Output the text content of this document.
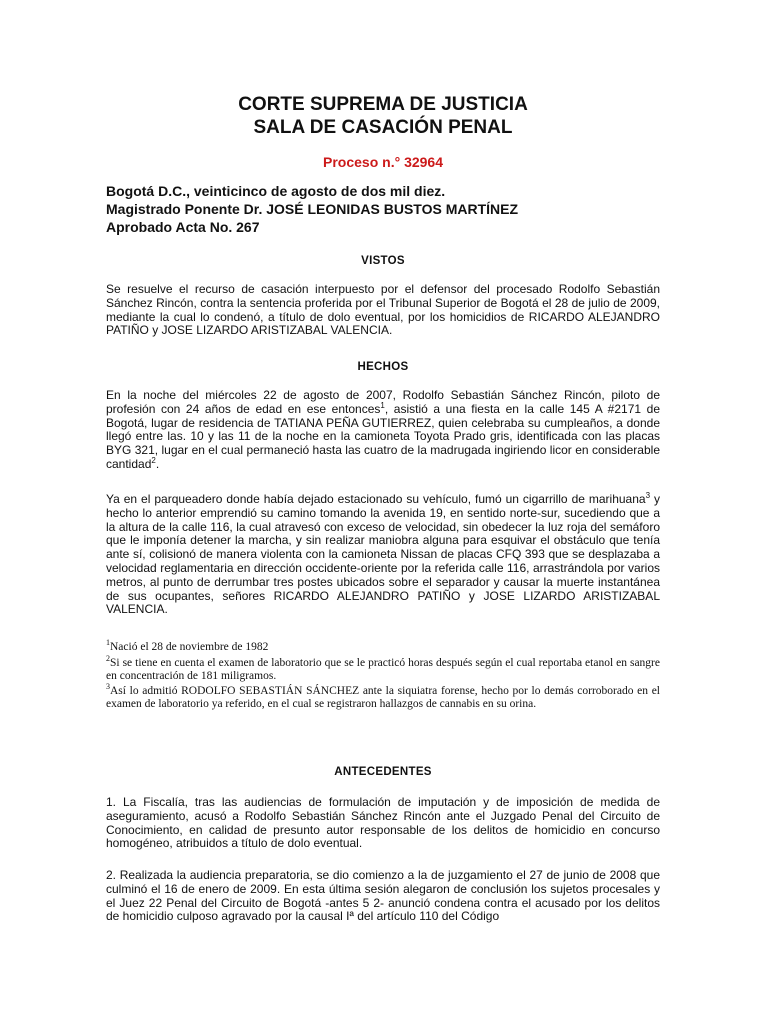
CORTE SUPREMA DE JUSTICIA
SALA DE CASACIÓN PENAL
Proceso n.° 32964
Bogotá D.C., veinticinco de agosto de dos mil diez.
Magistrado Ponente Dr. JOSÉ LEONIDAS BUSTOS MARTÍNEZ
Aprobado Acta No. 267
VISTOS
Se resuelve el recurso de casación interpuesto por el defensor del procesado Rodolfo Sebastián Sánchez Rincón, contra la sentencia proferida por el Tribunal Superior de Bogotá el 28 de julio de 2009, mediante la cual lo condenó, a título de dolo eventual, por los homicidios de RICARDO ALEJANDRO PATIÑO y JOSE LIZARDO ARISTIZABAL VALENCIA.
HECHOS
En la noche del miércoles 22 de agosto de 2007, Rodolfo Sebastián Sánchez Rincón, piloto de profesión con 24 años de edad en ese entonces$^1$, asistió a una fiesta en la calle 145 A #2171 de Bogotá, lugar de residencia de TATIANA PEÑA GUTIERREZ, quien celebraba su cumpleaños, a donde llegó entre las. 10 y las 11 de la noche en la camioneta Toyota Prado gris, identificada con las placas BYG 321, lugar en el cual permaneció hasta las cuatro de la madrugada ingiriendo licor en considerable cantidad$^2$.
Ya en el parqueadero donde había dejado estacionado su vehículo, fumó un cigarrillo de marihuana$^3$ y hecho lo anterior emprendió su camino tomando la avenida 19, en sentido norte-sur, sucediendo que a la altura de la calle 116, la cual atravesó con exceso de velocidad, sin obedecer la luz roja del semáforo que le imponía detener la marcha, y sin realizar maniobra alguna para esquivar el obstáculo que tenía ante sí, colisionó de manera violenta con la camioneta Nissan de placas CFQ 393 que se desplazaba a velocidad reglamentaria en dirección occidente-oriente por la referida calle 116, arrastrándola por varios metros, al punto de derrumbar tres postes ubicados sobre el separador y causar la muerte instantánea de sus ocupantes, señores RICARDO ALEJANDRO PATIÑO y JOSE LIZARDO ARISTIZABAL VALENCIA.
$^1$Nació el 28 de noviembre de 1982
$^2$Si se tiene en cuenta el examen de laboratorio que se le practicó horas después según el cual reportaba etanol en sangre en concentración de 181 miligramos.
$^3$Así lo admitió RODOLFO SEBASTIÁN SÁNCHEZ ante la siquiatra forense, hecho por lo demás corroborado en el examen de laboratorio ya referido, en el cual se registraron hallazgos de cannabis en su orina.
ANTECEDENTES
1. La Fiscalía, tras las audiencias de formulación de imputación y de imposición de medida de aseguramiento, acusó a Rodolfo Sebastián Sánchez Rincón ante el Juzgado Penal del Circuito de Conocimiento, en calidad de presunto autor responsable de los delitos de homicidio en concurso homogéneo, atribuidos a título de dolo eventual.
2. Realizada la audiencia preparatoria, se dio comienzo a la de juzgamiento el 27 de junio de 2008 que culminó el 16 de enero de 2009. En esta última sesión alegaron de conclusión los sujetos procesales y el Juez 22 Penal del Circuito de Bogotá -antes 5 2- anunció condena contra el acusado por los delitos de homicidio culposo agravado por la causal Iª del artículo 110 del Código
